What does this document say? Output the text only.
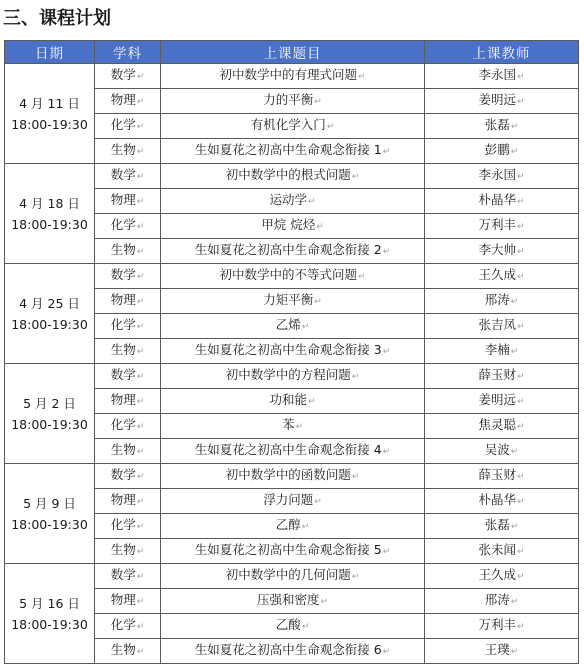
三、课程计划
日期	学科	上课题目	上课教师

4 月 11 日
18:00-19:30	数学↵	初中数学中的有理式问题↵	李永国↵
	物理↵	力的平衡↵	姜明远↵
	化学↵	有机化学入门↵	张磊↵
	生物↵	生如夏花之初高中生命观念衔接 1↵	彭鹏↵

4 月 18 日
18:00-19:30	数学↵	初中数学中的根式问题↵	李永国↵
	物理↵	运动学↵	朴晶华↵
	化学↵	甲烷 烷烃↵	万利丰↵
	生物↵	生如夏花之初高中生命观念衔接 2↵	李大帅↵

4 月 25 日
18:00-19:30	数学↵	初中数学中的不等式问题↵	王久成↵
	物理↵	力矩平衡↵	邢涛↵
	化学↵	乙烯↵	张吉凤↵
	生物↵	生如夏花之初高中生命观念衔接 3↵	李楠↵

5 月 2 日
18:00-19:30	数学↵	初中数学中的方程问题↵	薛玉财↵
	物理↵	功和能↵	姜明远↵
	化学↵	苯↵	焦灵聪↵
	生物↵	生如夏花之初高中生命观念衔接 4↵	吴波↵

5 月 9 日
18:00-19:30	数学↵	初中数学中的函数问题↵	薛玉财↵
	物理↵	浮力问题↵	朴晶华↵
	化学↵	乙醇↵	张磊↵
	生物↵	生如夏花之初高中生命观念衔接 5↵	张未闻↵

5 月 16 日
18:00-19:30	数学↵	初中数学中的几何问题↵	王久成↵
	物理↵	压强和密度↵	邢涛↵
	化学↵	乙酸↵	万利丰↵
	生物↵	生如夏花之初高中生命观念衔接 6↵	王璞↵
